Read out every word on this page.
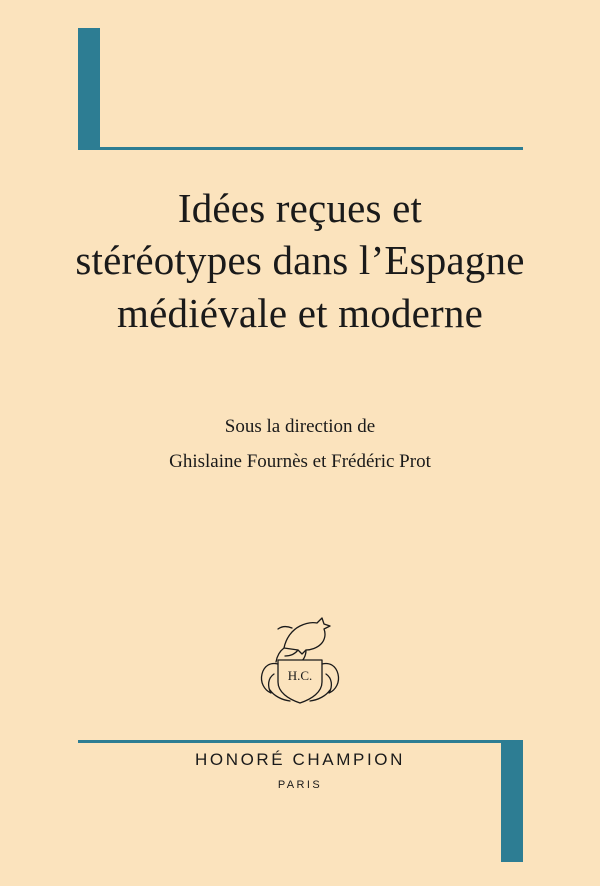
Idées reçues et
stéréotypes dans l’Espagne
médiévale et moderne
Sous la direction de
Ghislaine Fournès et Frédéric Prot
H.C.
HONORÉ CHAMPION
PARIS
